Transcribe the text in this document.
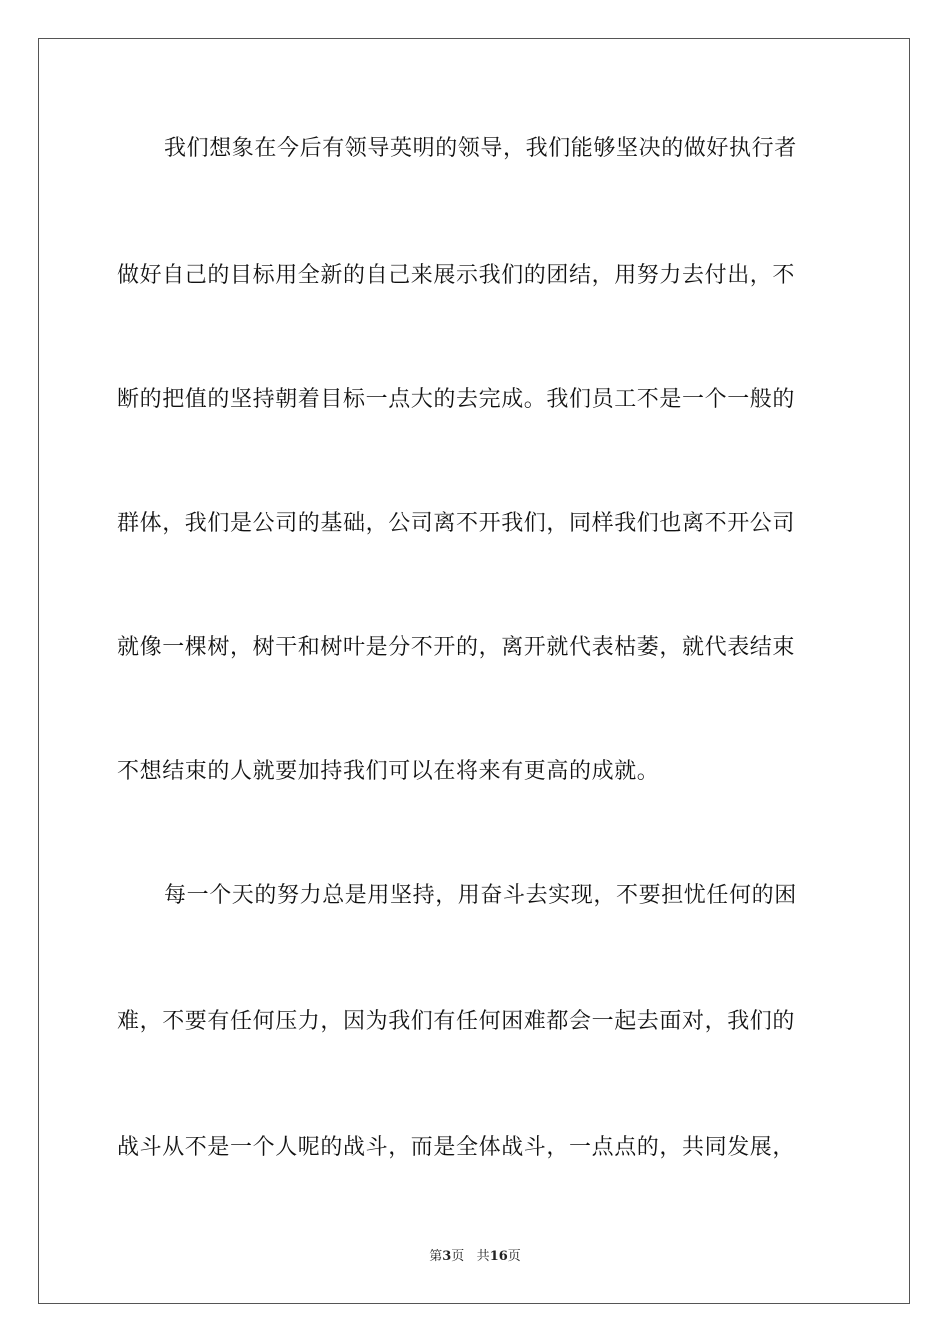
我们想象在今后有领导英明的领导，我们能够坚决的做好执行者
做好自己的目标用全新的自己来展示我们的团结，用努力去付出，不
断的把值的坚持朝着目标一点大的去完成。我们员工不是一个一般的
群体，我们是公司的基础，公司离不开我们，同样我们也离不开公司
就像一棵树，树干和树叶是分不开的，离开就代表枯萎，就代表结束
不想结束的人就要加持我们可以在将来有更高的成就。
每一个天的努力总是用坚持，用奋斗去实现，不要担忧任何的困
难，不要有任何压力，因为我们有任何困难都会一起去面对，我们的
战斗从不是一个人呢的战斗，而是全体战斗，一点点的，共同发展，
第3页 共16页
